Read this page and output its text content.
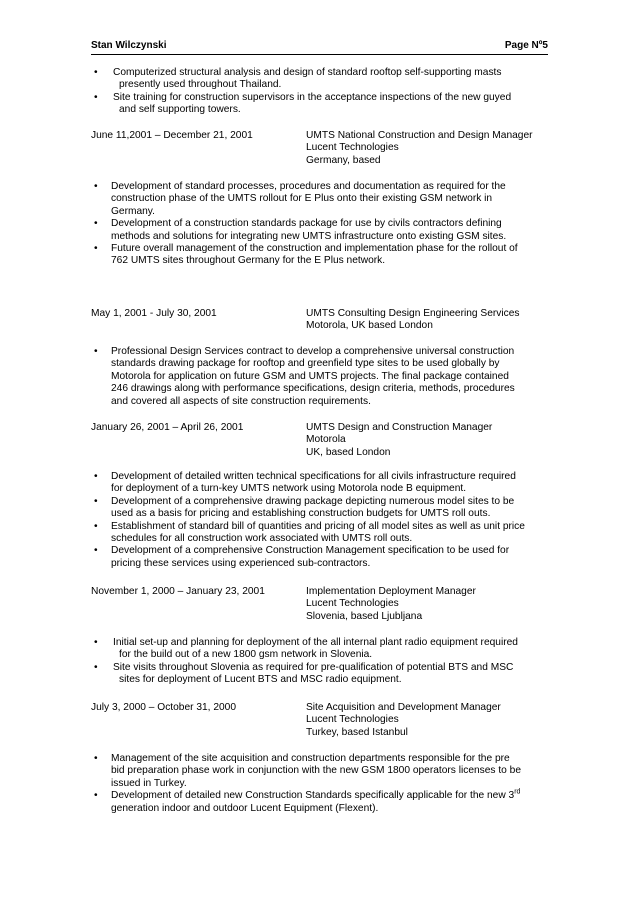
Stan Wilczynski	Page Nº5
• Computerized structural analysis and design of standard rooftop self-supporting masts
presently used throughout Thailand.
• Site training for construction supervisors in the acceptance inspections of the new guyed
and self supporting towers.
June 11,2001 – December 21, 2001	UMTS National Construction and Design Manager
Lucent Technologies
Germany, based
• Development of standard processes, procedures and documentation as required for the
construction phase of the UMTS rollout for E Plus onto their existing GSM network in
Germany.
• Development of a construction standards package for use by civils contractors defining
methods and solutions for integrating new UMTS infrastructure onto existing GSM sites.
• Future overall management of the construction and implementation phase for the rollout of
762 UMTS sites throughout Germany for the E Plus network.
May 1, 2001 - July 30, 2001	UMTS Consulting Design Engineering Services
Motorola, UK based London
• Professional Design Services contract to develop a comprehensive universal construction
standards drawing package for rooftop and greenfield type sites to be used globally by
Motorola for application on future GSM and UMTS projects. The final package contained
246 drawings along with performance specifications, design criteria, methods, procedures
and covered all aspects of site construction requirements.
January 26, 2001 – April 26, 2001	UMTS Design and Construction Manager
Motorola
UK, based London
• Development of detailed written technical specifications for all civils infrastructure required
for deployment of a turn-key UMTS network using Motorola node B equipment.
• Development of a comprehensive drawing package depicting numerous model sites to be
used as a basis for pricing and establishing construction budgets for UMTS roll outs.
• Establishment of standard bill of quantities and pricing of all model sites as well as unit price
schedules for all construction work associated with UMTS roll outs.
• Development of a comprehensive Construction Management specification to be used for
pricing these services using experienced sub-contractors.
November 1, 2000 – January 23, 2001	Implementation Deployment Manager
Lucent Technologies
Slovenia, based Ljubljana
• Initial set-up and planning for deployment of the all internal plant radio equipment required
for the build out of a new 1800 gsm network in Slovenia.
• Site visits throughout Slovenia as required for pre-qualification of potential BTS and MSC
sites for deployment of Lucent BTS and MSC radio equipment.
July 3, 2000 – October 31, 2000	Site Acquisition and Development Manager
Lucent Technologies
Turkey, based Istanbul
• Management of the site acquisition and construction departments responsible for the pre
bid preparation phase work in conjunction with the new GSM 1800 operators licenses to be
issued in Turkey.
• Development of detailed new Construction Standards specifically applicable for the new 3rd
generation indoor and outdoor Lucent Equipment (Flexent).
